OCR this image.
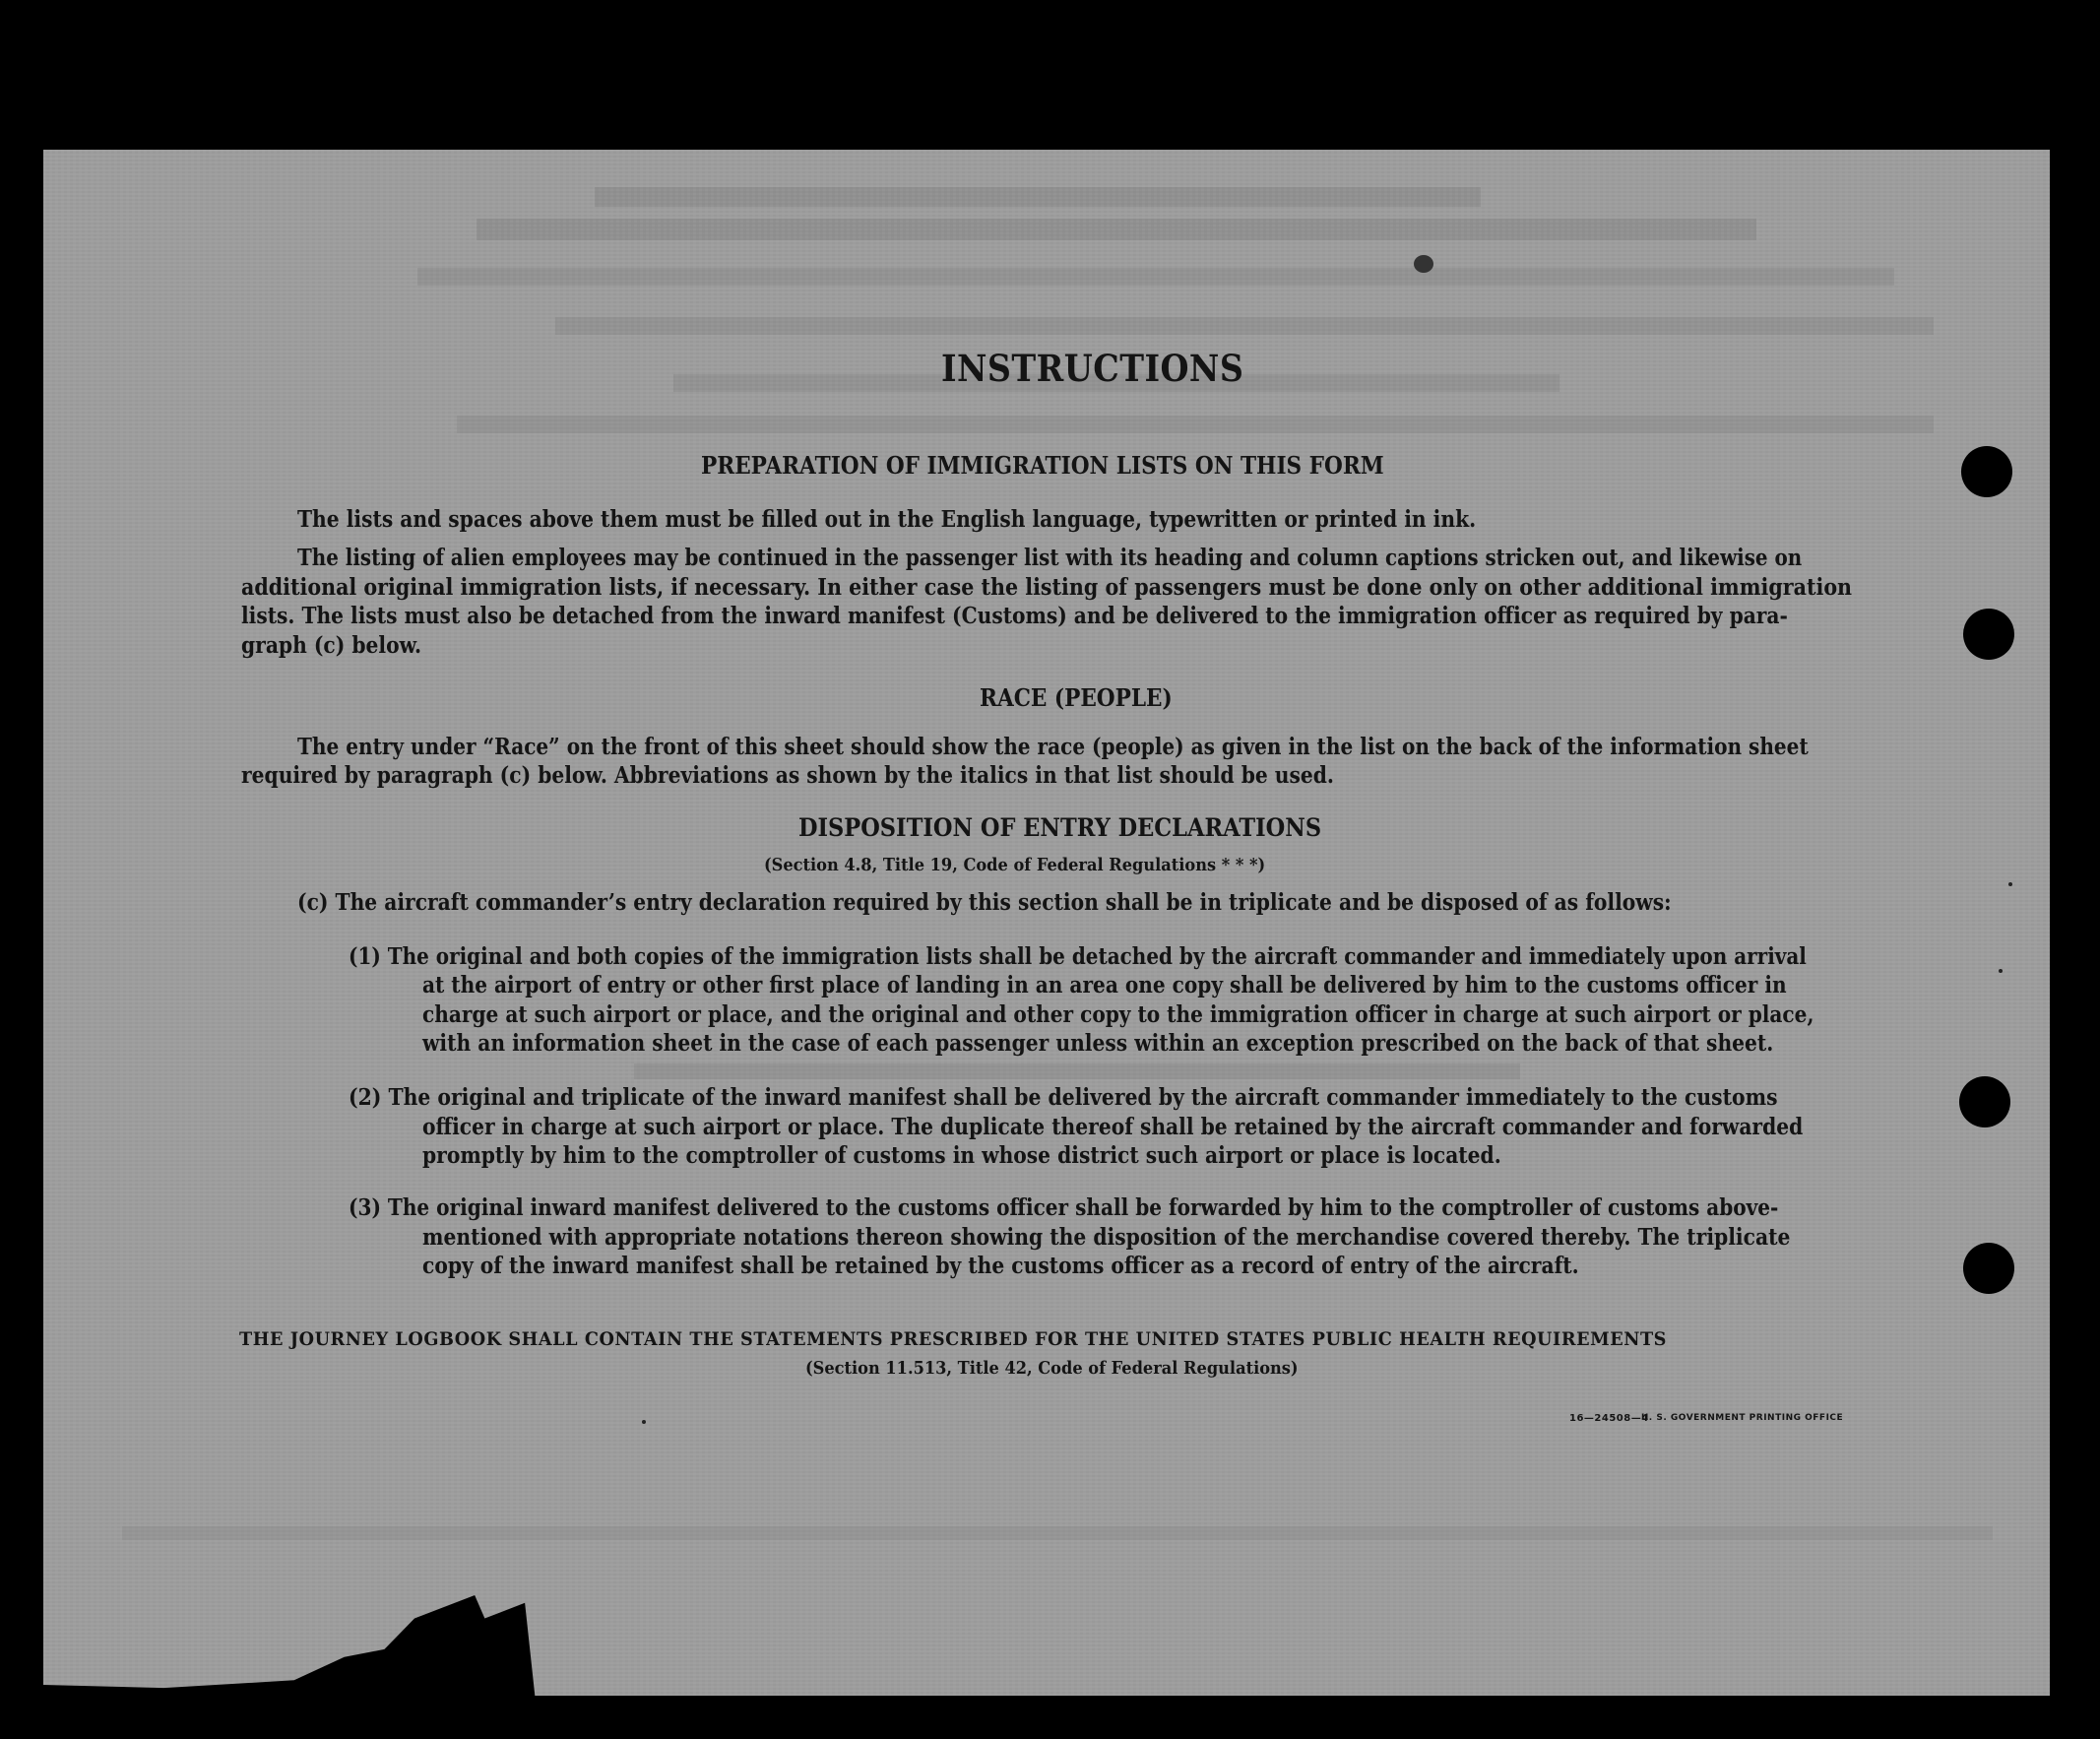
INSTRUCTIONS
PREPARATION OF IMMIGRATION LISTS ON THIS FORM
The lists and spaces above them must be filled out in the English language, typewritten or printed in ink.
The listing of alien employees may be continued in the passenger list with its heading and column captions stricken out, and likewise on
additional original immigration lists, if necessary. In either case the listing of passengers must be done only on other additional immigration
lists. The lists must also be detached from the inward manifest (Customs) and be delivered to the immigration officer as required by para-
graph (c) below.
RACE (PEOPLE)
The entry under “Race” on the front of this sheet should show the race (people) as given in the list on the back of the information sheet
required by paragraph (c) below. Abbreviations as shown by the italics in that list should be used.
DISPOSITION OF ENTRY DECLARATIONS
(Section 4.8, Title 19, Code of Federal Regulations * * *)
(c) The aircraft commander’s entry declaration required by this section shall be in triplicate and be disposed of as follows:
(1) The original and both copies of the immigration lists shall be detached by the aircraft commander and immediately upon arrival
at the airport of entry or other first place of landing in an area one copy shall be delivered by him to the customs officer in
charge at such airport or place, and the original and other copy to the immigration officer in charge at such airport or place,
with an information sheet in the case of each passenger unless within an exception prescribed on the back of that sheet.
(2) The original and triplicate of the inward manifest shall be delivered by the aircraft commander immediately to the customs
officer in charge at such airport or place. The duplicate thereof shall be retained by the aircraft commander and forwarded
promptly by him to the comptroller of customs in whose district such airport or place is located.
(3) The original inward manifest delivered to the customs officer shall be forwarded by him to the comptroller of customs above-
mentioned with appropriate notations thereon showing the disposition of the merchandise covered thereby. The triplicate
copy of the inward manifest shall be retained by the customs officer as a record of entry of the aircraft.
THE JOURNEY LOGBOOK SHALL CONTAIN THE STATEMENTS PRESCRIBED FOR THE UNITED STATES PUBLIC HEALTH REQUIREMENTS
(Section 11.513, Title 42, Code of Federal Regulations)
16—24508—4
U. S. GOVERNMENT PRINTING OFFICE
